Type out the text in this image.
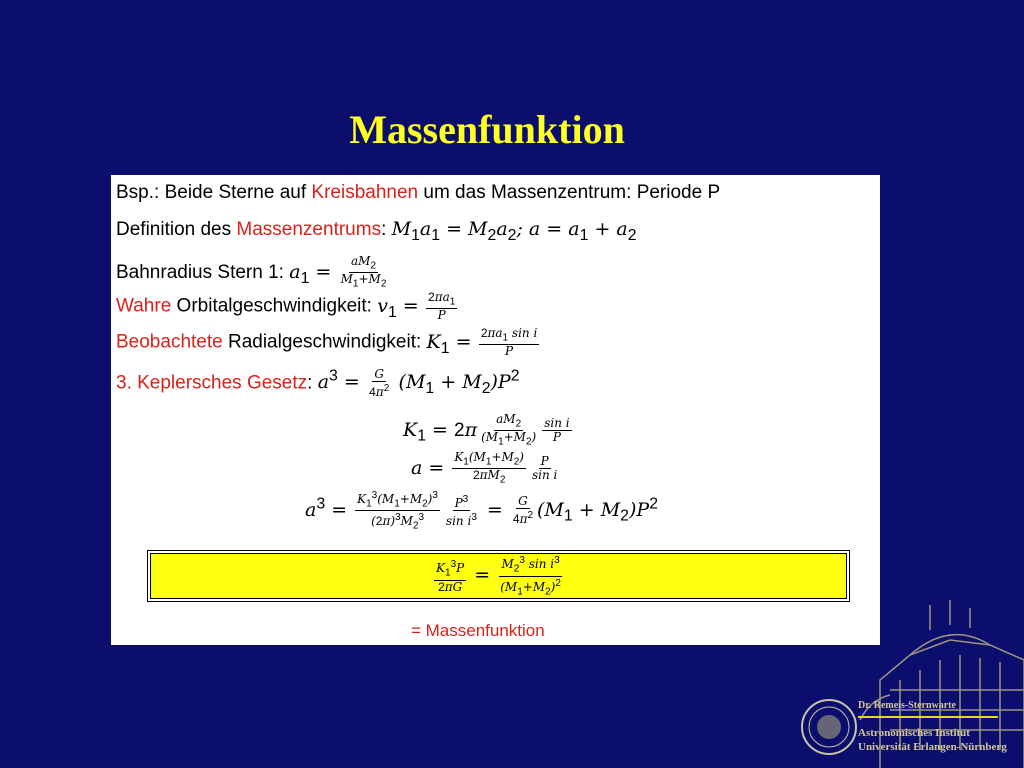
Massenfunktion
Bsp.: Beide Sterne auf Kreisbahnen um das Massenzentrum: Periode P
Definition des Massenzentrums: $M_1a_1 = M_2a_2$; $a = a_1 + a_2$
Bahnradius Stern 1: $a_1 = \frac{aM_2}{M_1+M_2}$
Wahre Orbitalgeschwindigkeit: $v_1 = \frac{2\pi a_1}{P}$
Beobachtete Radialgeschwindigkeit: $K_1 = \frac{2\pi a_1 \sin i}{P}$
3. Keplersches Gesetz: $a^3 = \frac{G}{4\pi^2} (M_1 + M_2)P^2$
$K_1 = 2\pi \frac{aM_2}{(M_1+M_2)} \frac{\text{sin i}}{P}$
$a = \frac{K_1(M_1+M_2)}{2\pi M_2} \frac{P}{\text{sin i}}$
$a^3 = \frac{K_1^3(M_1+M_2)^3}{(2\pi)^3M_2^3} \frac{P^3}{\sin i^3} = \frac{G}{4\pi^2} (M_1 + M_2)P^2$
$\frac{K_1^3P}{2\pi G} = \frac{M_2^3 \sin i^3}{(M_1+M_2)^2}$
= Massenfunktion
Dr. Remeis-Sternwarte
Astronomisches Institut
Universität Erlangen-Nürnberg
